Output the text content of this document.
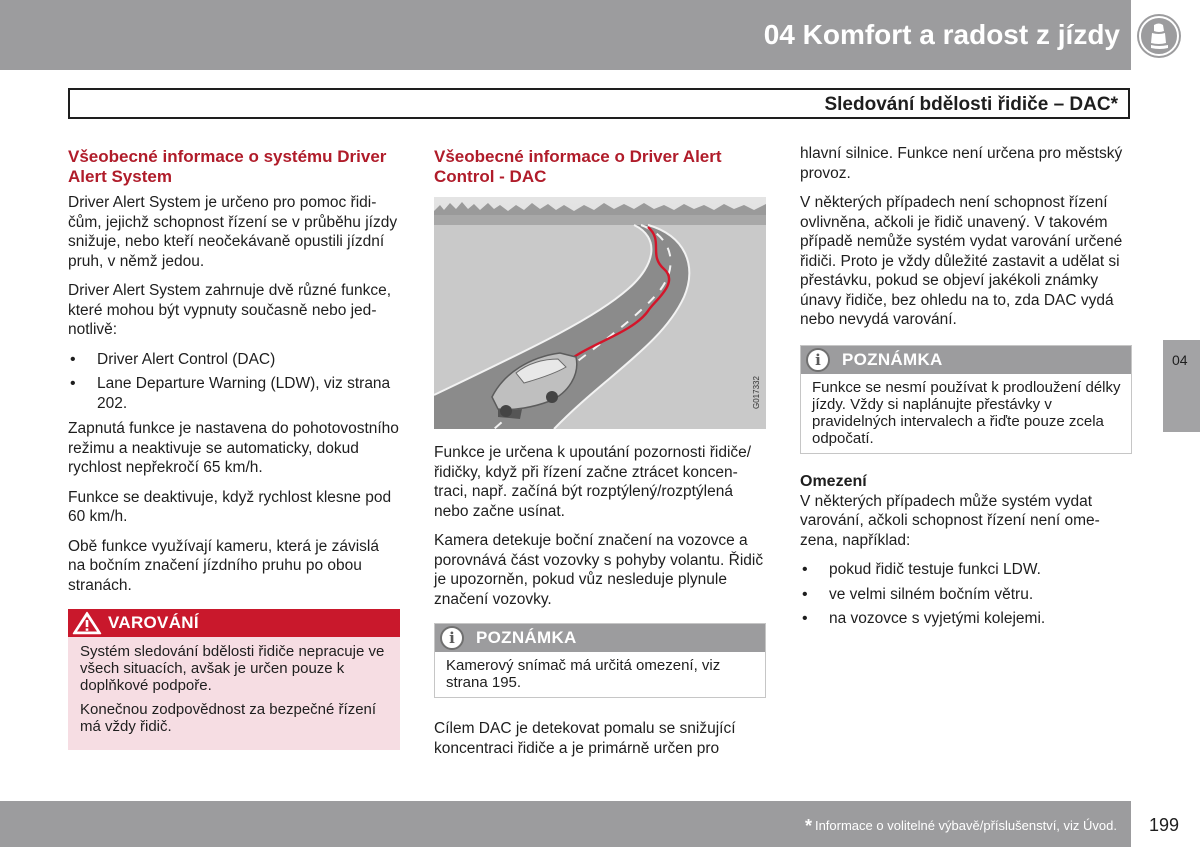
04 Komfort a radost z jízdy
Sledování bdělosti řidiče – DAC*
04
Všeobecné informace o systému Driver Alert System

Driver Alert System je určeno pro pomoc řidičům, jejichž schopnost řízení se v průběhu jízdy snižuje, nebo kteří neočekávaně opustili jízdní pruh, v němž jedou.

Driver Alert System zahrnuje dvě různé funkce, které mohou být vypnuty současně nebo jednotlivě:

• Driver Alert Control (DAC)
• Lane Departure Warning (LDW), viz strana 202.

Zapnutá funkce je nastavena do pohotovostního režimu a neaktivuje se automaticky, dokud rychlost nepřekročí 65 km/h.

Funkce se deaktivuje, když rychlost klesne pod 60 km/h.

Obě funkce využívají kameru, která je závislá na bočním značení jízdního pruhu po obou stranách.

VAROVÁNÍ

Systém sledování bdělosti řidiče nepracuje ve všech situacích, avšak je určen pouze k doplňkové podpoře.

Konečnou zodpovědnost za bezpečné řízení má vždy řidič.

Všeobecné informace o Driver Alert Control - DAC
G017332

Funkce je určena k upoutání pozornosti řidiče/řidičky, když při řízení začne ztrácet koncentraci, např. začíná být rozptýlený/rozptýlená nebo začne usínat.

Kamera detekuje boční značení na vozovce a porovnává část vozovky s pohyby volantu. Řidič je upozorněn, pokud vůz nesleduje plynule značení vozovky.

i	POZNÁMKA

Kamerový snímač má určitá omezení, viz strana 195.

Cílem DAC je detekovat pomalu se snižující koncentraci řidiče a je primárně určen pro

hlavní silnice. Funkce není určena pro městský provoz.

V některých případech není schopnost řízení ovlivněna, ačkoli je řidič unavený. V takovém případě nemůže systém vydat varování určené řidiči. Proto je vždy důležité zastavit a udělat si přestávku, pokud se objeví jakékoli známky únavy řidiče, bez ohledu na to, zda DAC vydá nebo nevydá varování.

i	POZNÁMKA

Funkce se nesmí používat k prodloužení délky jízdy. Vždy si naplánujte přestávky v pravidelných intervalech a řiďte pouze zcela odpočatí.

Omezení

V některých případech může systém vydat varování, ačkoli schopnost řízení není omezena, například:

• pokud řidič testuje funkci LDW.
• ve velmi silném bočním větru.
• na vozovce s vyjetými kolejemi.
* Informace o volitelné výbavě/příslušenství, viz Úvod. 199
